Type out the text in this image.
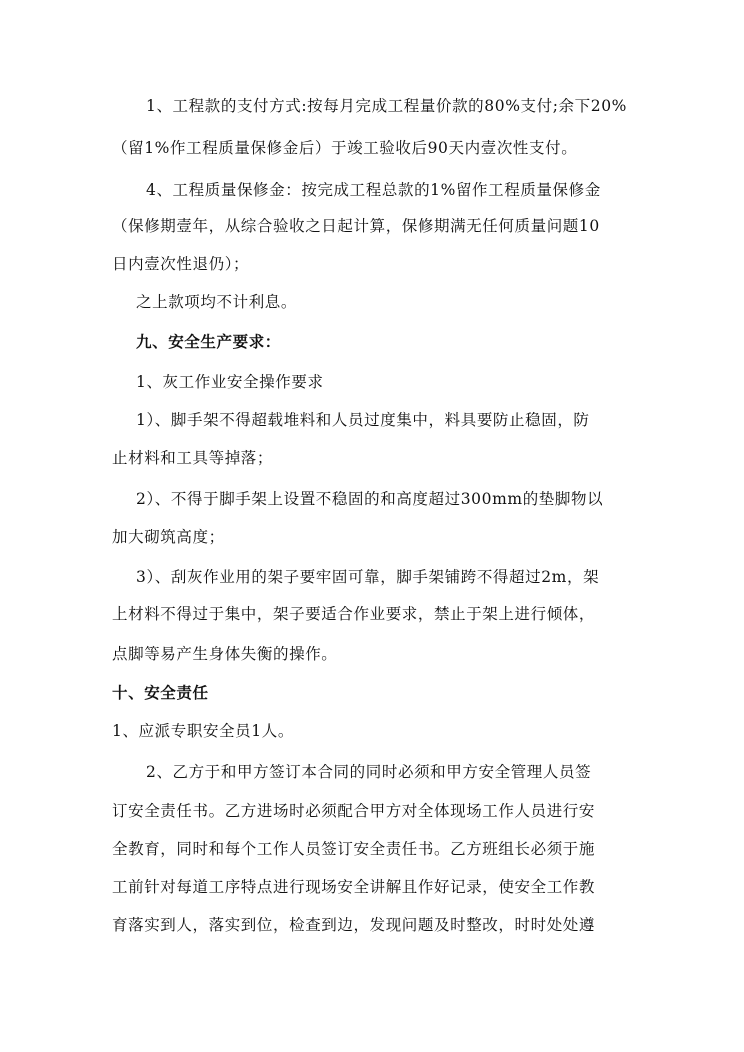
1、工程款的支付方式:按每月完成工程量价款的80%支付;余下20%
（留1%作工程质量保修金后）于竣工验收后90天内壹次性支付。
4、工程质量保修金：按完成工程总款的1%留作工程质量保修金
（保修期壹年，从综合验收之日起计算，保修期满无任何质量问题10
日内壹次性退仍）；
之上款项均不计利息。
九、安全生产要求：
1、灰工作业安全操作要求
1）、脚手架不得超载堆料和人员过度集中，料具要防止稳固，防
止材料和工具等掉落；
2）、不得于脚手架上设置不稳固的和高度超过300mm的垫脚物以
加大砌筑高度；
3）、刮灰作业用的架子要牢固可靠，脚手架铺跨不得超过2m，架
上材料不得过于集中，架子要适合作业要求，禁止于架上进行倾体，
点脚等易产生身体失衡的操作。
十、安全责任
1、应派专职安全员1人。
2、乙方于和甲方签订本合同的同时必须和甲方安全管理人员签
订安全责任书。乙方进场时必须配合甲方对全体现场工作人员进行安
全教育，同时和每个工作人员签订安全责任书。乙方班组长必须于施
工前针对每道工序特点进行现场安全讲解且作好记录，使安全工作教
育落实到人，落实到位，检查到边，发现问题及时整改，时时处处遵
